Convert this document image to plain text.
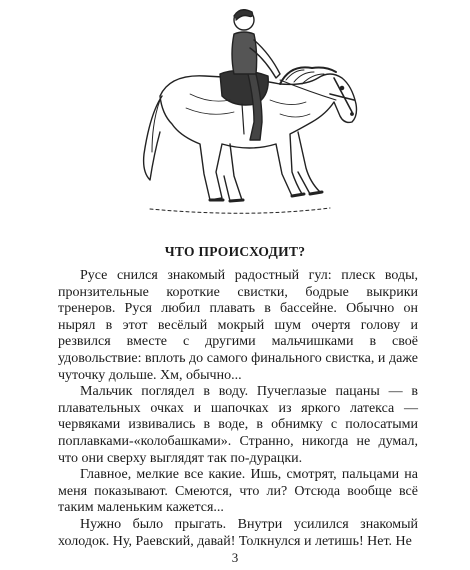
ЧТО ПРОИСХОДИТ?

Русе снился знакомый радостный гул: плеск воды, пронзительные короткие свистки, бодрые выкрики тренеров. Руся любил плавать в бассейне. Обычно он нырял в этот весёлый мокрый шум очертя голову и резвился вместе с другими мальчишками в своё удовольствие: вплоть до самого финального свистка, и даже чуточку дольше. Хм, обычно...

Мальчик поглядел в воду. Пучеглазые пацаны — в плавательных очках и шапочках из яркого латекса — червяками извивались в воде, в обнимку с полосатыми поплавками-«колобашками». Странно, никогда не думал, что они сверху выглядят так по-дурацки.

Главное, мелкие все какие. Ишь, смотрят, пальцами на меня показывают. Смеются, что ли? Отсюда вообще всё таким маленьким кажется...

Нужно было прыгать. Внутри усилился знакомый холодок. Ну, Раевский, давай! Толкнулся и летишь! Нет. Не

3
